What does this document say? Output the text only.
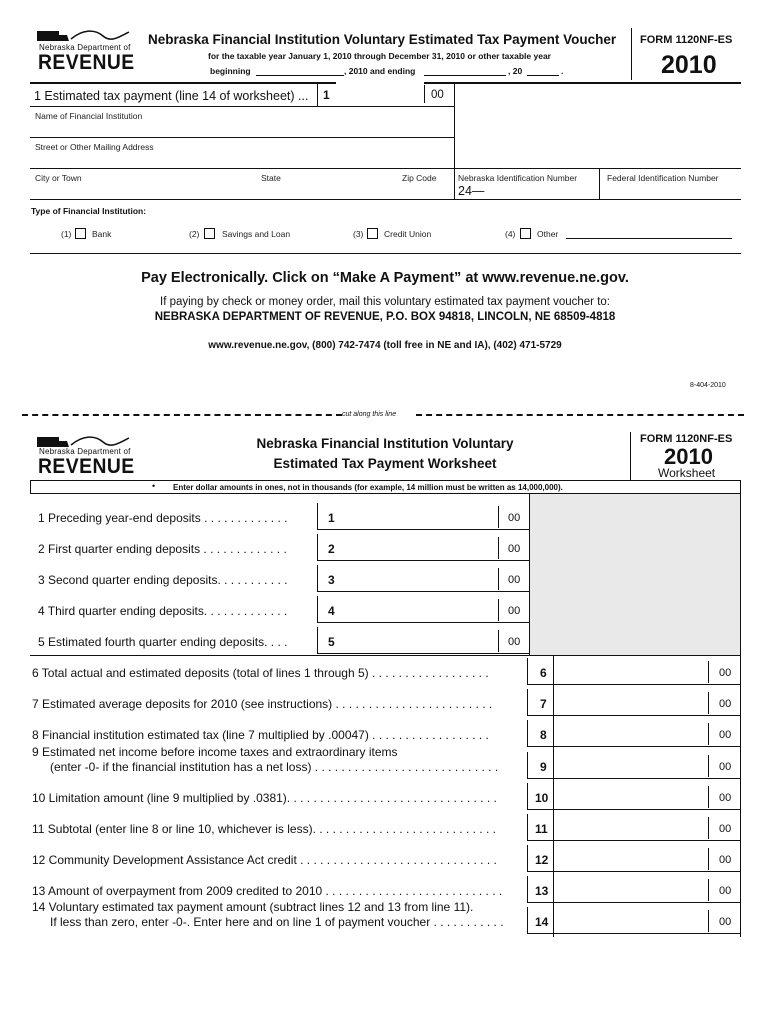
Nebraska Department of
REVENUE
Nebraska Financial Institution Voluntary Estimated Tax Payment Voucher FORM 1120NF-ES
2010
for the taxable year January 1, 2010 through December 31, 2010 or other taxable year
beginning	, 2010 and ending	, 20	.
1 Estimated tax payment (line 14 of worksheet) ... 1	00
Name of Financial Institution
Street or Other Mailing Address
City or Town	State	Zip Code	Nebraska Identification Number
24—
Federal Identification Number
Type of Financial Institution:
(1) Bank	(2)	Savings and Loan	(3) Credit Union	(4)	Other
Pay Electronically. Click on “Make A Payment” at www.revenue.ne.gov.
If paying by check or money order, mail this voluntary estimated tax payment voucher to:
NEBRASKA DEPARTMENT OF REVENUE, P.O. BOX 94818, LINCOLN, NE 68509-4818
www.revenue.ne.gov, (800) 742-7474 (toll free in NE and IA), (402) 471-5729
8-404-2010
cut along this line
Nebraska Department of
REVENUE
Nebraska Financial Institution Voluntary
Estimated Tax Payment Worksheet
FORM 1120NF-ES
2010
Worksheet
• Enter dollar amounts in ones, not in thousands (for example, 14 million must be written as 14,000,000).
1 Preceding year-end deposits . . . . . . . . . . . . .	1	00
2 First quarter ending deposits . . . . . . . . . . . . .	2	00
3 Second quarter ending deposits. . . . . . . . . . .	3	00
4 Third quarter ending deposits. . . . . . . . . . . . .	4	00
5 Estimated fourth quarter ending deposits. . . .	5	00
6 Total actual and estimated deposits (total of lines 1 through 5) . . . . . . . . . . . . . . . . . .	6	00
7 Estimated average deposits for 2010 (see instructions) . . . . . . . . . . . . . . . . . . . . . . . .	7	00
8 Financial institution estimated tax (line 7 multiplied by .00047) . . . . . . . . . . . . . . . . . .	8	00
9 Estimated net income before income taxes and extraordinary items
(enter -0- if the financial institution has a net loss) . . . . . . . . . . . . . . . . . . . . . . . . . . . .	9	00
10 Limitation amount (line 9 multiplied by .0381). . . . . . . . . . . . . . . . . . . . . . . . . . . . . . . .	10	00
11 Subtotal (enter line 8 or line 10, whichever is less). . . . . . . . . . . . . . . . . . . . . . . . . . . .	11	00
12 Community Development Assistance Act credit . . . . . . . . . . . . . . . . . . . . . . . . . . . . . .	12	00
13 Amount of overpayment from 2009 credited to 2010 . . . . . . . . . . . . . . . . . . . . . . . . . . .	13	00
14 Voluntary estimated tax payment amount (subtract lines 12 and 13 from line 11).
If less than zero, enter -0-. Enter here and on line 1 of payment voucher . . . . . . . . . . .	14	00
